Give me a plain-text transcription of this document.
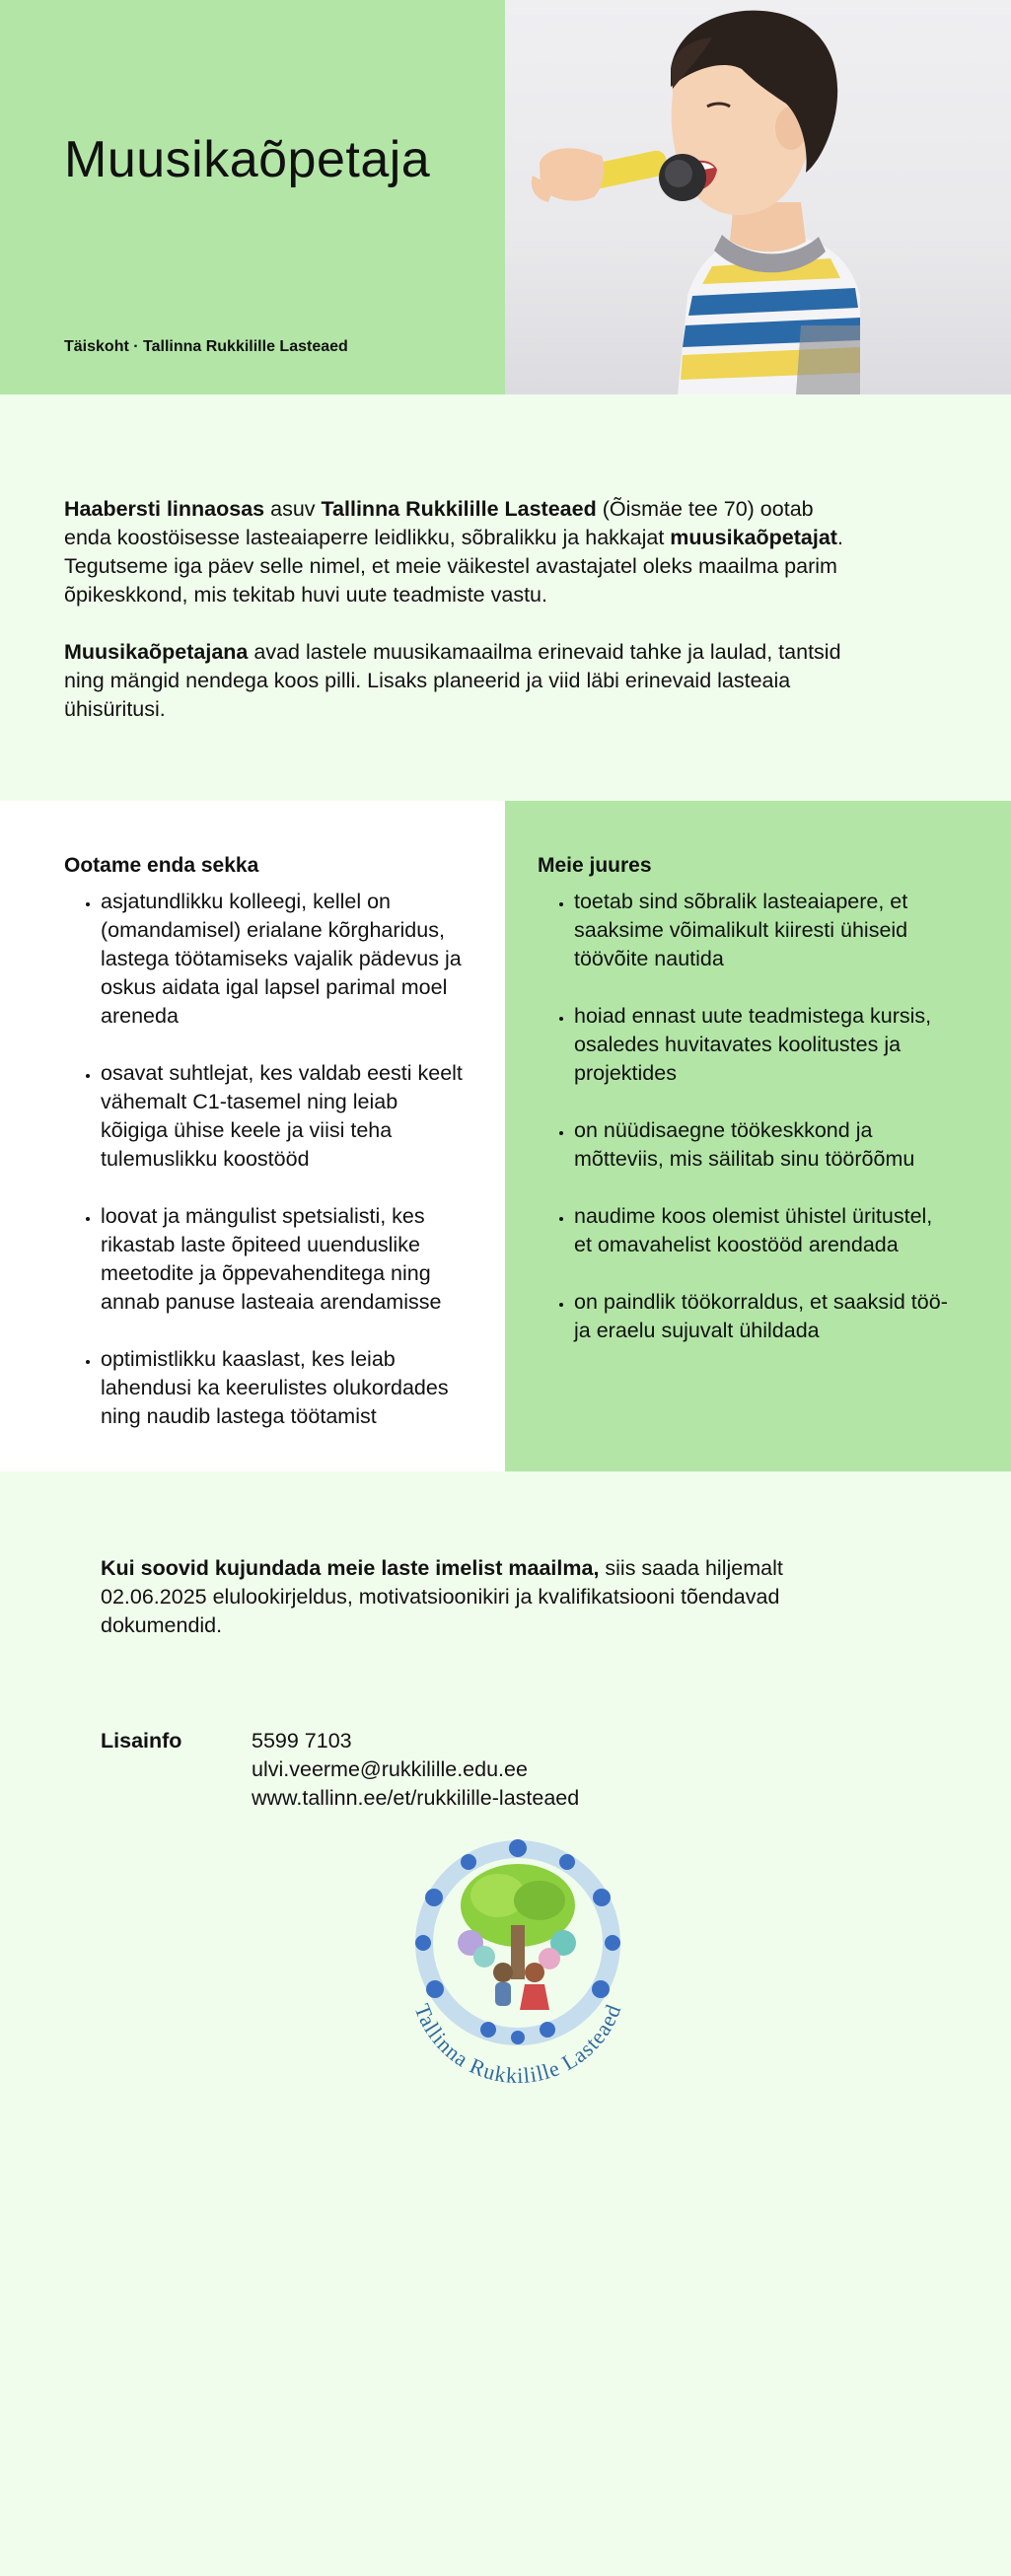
Muusikaõpetaja
Täiskoht · Tallinna Rukkilille Lasteaed

Haabersti linnaosas asuv Tallinna Rukkilille Lasteaed (Õismäe tee 70) ootab enda koostöisesse lasteaiaperre leidlikku, sõbralikku ja hakkajat muusikaõpetajat. Tegutseme iga päev selle nimel, et meie väikestel avastajatel oleks maailma parim õpikeskkond, mis tekitab huvi uute teadmiste vastu.

Muusikaõpetajana avad lastele muusikamaailma erinevaid tahke ja laulad, tantsid ning mängid nendega koos pilli. Lisaks planeerid ja viid läbi erinevaid lasteaia ühisüritusi.

Ootame enda sekka
• asjatundlikku kolleegi, kellel on (omandamisel) erialane kõrgharidus, lastega töötamiseks vajalik pädevus ja oskus aidata igal lapsel parimal moel areneda
• osavat suhtlejat, kes valdab eesti keelt vähemalt C1-tasemel ning leiab kõigiga ühise keele ja viisi teha tulemuslikku koostööd
• loovat ja mängulist spetsialisti, kes rikastab laste õpiteed uuenduslike meetodite ja õppevahenditega ning annab panuse lasteaia arendamisse
• optimistlikku kaaslast, kes leiab lahendusi ka keerulistes olukordades ning naudib lastega töötamist
Meie juures
• toetab sind sõbralik lasteaiapere, et saaksime võimalikult kiiresti ühiseid töövõite nautida
• hoiad ennast uute teadmistega kursis, osaledes huvitavates koolitustes ja projektides
• on nüüdisaegne töökeskkond ja mõtteviis, mis säilitab sinu töörõõmu
• naudime koos olemist ühistel üritustel, et omavahelist koostööd arendada
• on paindlik töökorraldus, et saaksid töö- ja eraelu sujuvalt ühildada

Kui soovid kujundada meie laste imelist maailma, siis saada hiljemalt 02.06.2025 elulookirjeldus, motivatsioonikiri ja kvalifikatsiooni tõendavad dokumendid.

Lisainfo	5599 7103
ulvi.veerme@rukkilille.edu.ee
www.tallinn.ee/et/rukkilille-lasteaed
Tallinna Rukkilille Lasteaed
